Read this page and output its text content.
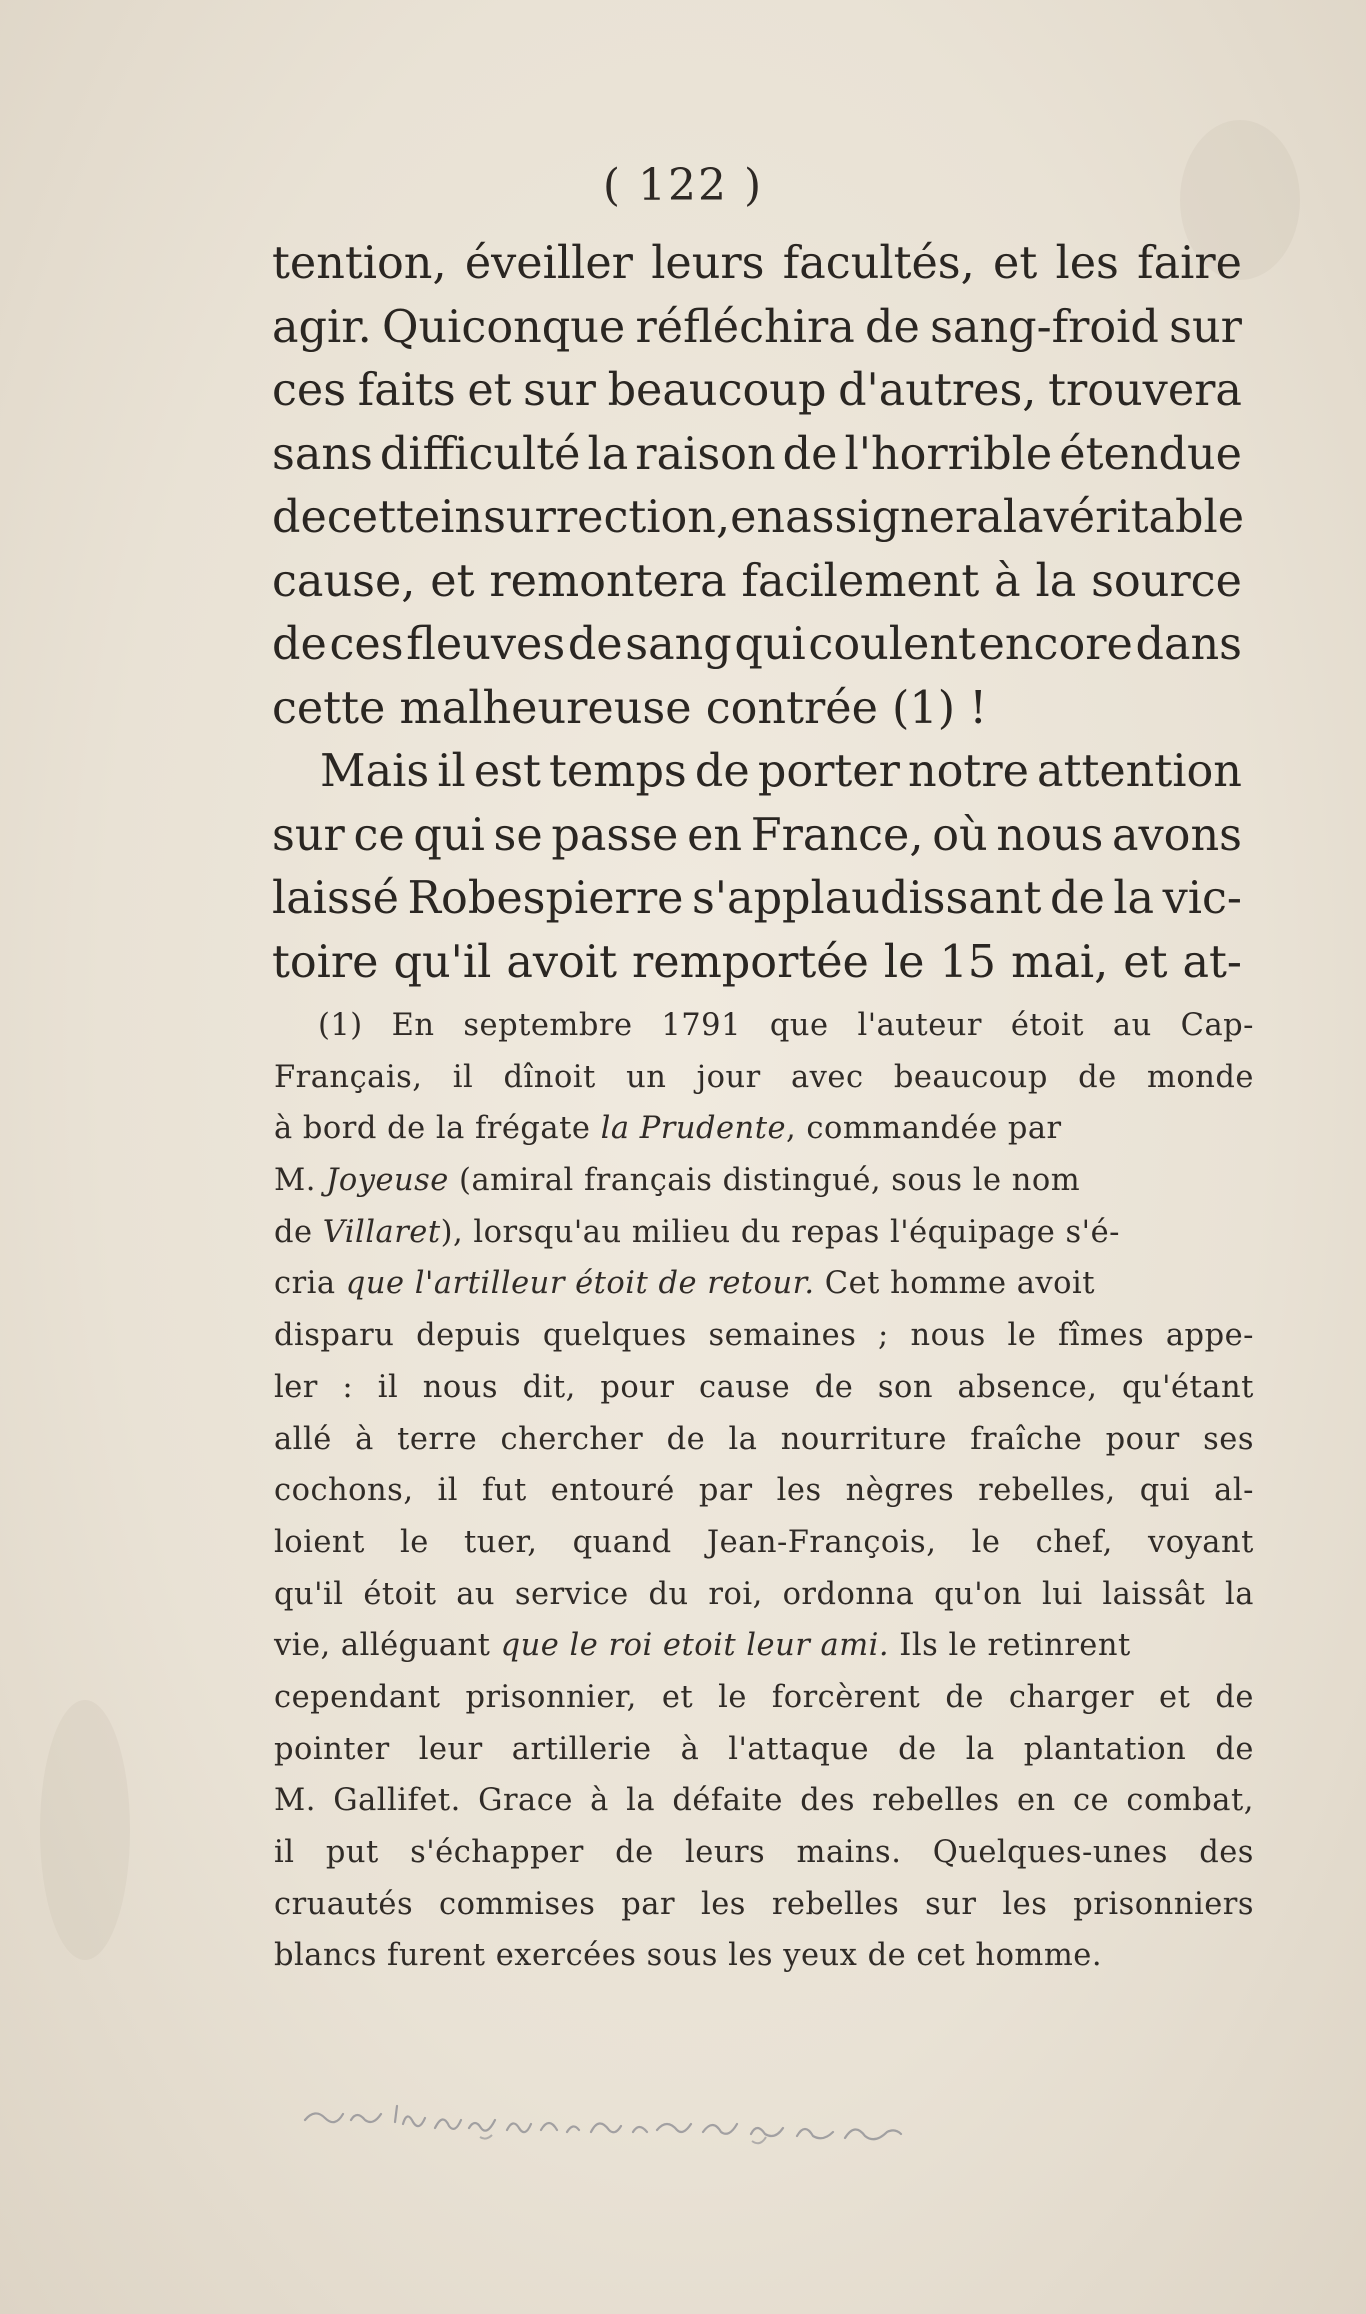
( 122 )
tention, éveiller leurs facultés, et les faire
agir. Quiconque réfléchira de sang-froid sur
ces faits et sur beaucoup d'autres, trouvera
sans difficulté la raison de l'horrible étendue
de cette insurrection, en assignera la véritable
cause, et remontera facilement à la source
de ces fleuves de sang qui coulent encore dans
cette malheureuse contrée (1) !
Mais il est temps de porter notre attention
sur ce qui se passe en France, où nous avons
laissé Robespierre s'applaudissant de la vic-
toire qu'il avoit remportée le 15 mai, et at-
(1) En septembre 1791 que l'auteur étoit au Cap-
Français, il dînoit un jour avec beaucoup de monde
à bord de la frégate la Prudente , commandée par
M. Joyeuse (amiral français distingué, sous le nom
de Villaret ), lorsqu'au milieu du repas l'équipage s'é-
cria que l'artilleur étoit de retour. Cet homme avoit
disparu depuis quelques semaines ; nous le fîmes appe-
ler : il nous dit, pour cause de son absence, qu'étant
allé à terre chercher de la nourriture fraîche pour ses
cochons, il fut entouré par les nègres rebelles, qui al-
loient le tuer, quand Jean-François, le chef, voyant
qu'il étoit au service du roi, ordonna qu'on lui laissât la
vie, alléguant que le roi etoit leur ami. Ils le retinrent
cependant prisonnier, et le forcèrent de charger et de
pointer leur artillerie à l'attaque de la plantation de
M. Gallifet. Grace à la défaite des rebelles en ce combat,
il put s'échapper de leurs mains. Quelques-unes des
cruautés commises par les rebelles sur les prisonniers
blancs furent exercées sous les yeux de cet homme.
